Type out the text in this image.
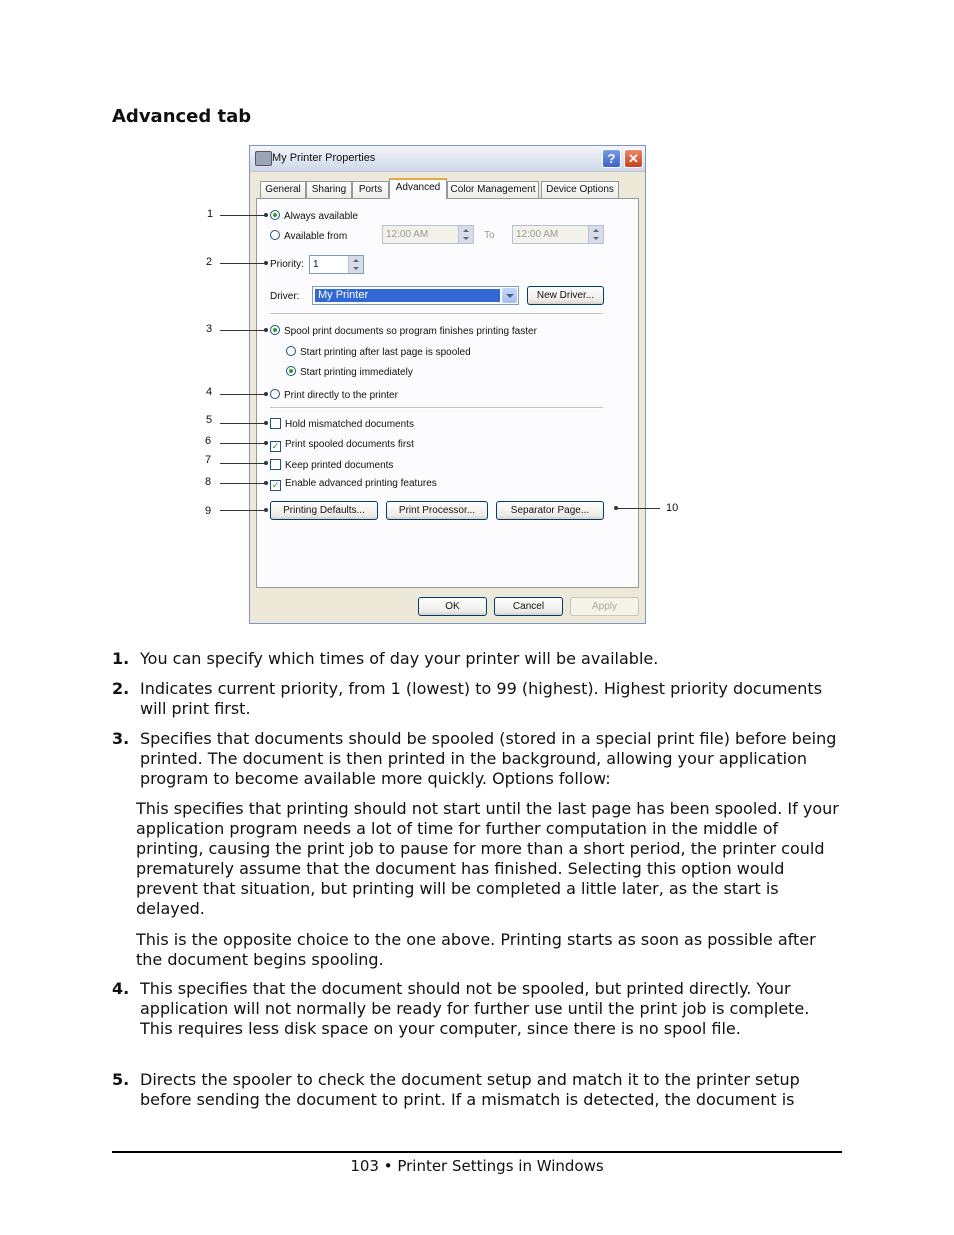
Advanced tab
My Printer Properties	? ✕
General	Sharing	Ports	Advanced	Color Management	Device Options
Always available
Available from	12:00 AM	To	12:00 AM
Priority: 1
Driver: My Printer	New Driver...
Spool print documents so program finishes printing faster
Start printing after last page is spooled
Start printing immediately
Print directly to the printer
Hold mismatched documents
✓ Print spooled documents first
Keep printed documents
✓ Enable advanced printing features
Printing Defaults...	Print Processor...	Separator Page...
OK	Cancel	Apply
1
2
3
4
5
6
7
8
9	10
1. You can specify which times of day your printer will be available.
2. Indicates current priority, from 1 (lowest) to 99 (highest). Highest priority documents will print first.
3. Specifies that documents should be spooled (stored in a special print file) before being printed. The document is then printed in the background, allowing your application program to become available more quickly. Options follow:
This specifies that printing should not start until the last page has been spooled. If your application program needs a lot of time for further computation in the middle of printing, causing the print job to pause for more than a short period, the printer could prematurely assume that the document has finished. Selecting this option would prevent that situation, but printing will be completed a little later, as the start is delayed.
This is the opposite choice to the one above. Printing starts as soon as possible after the document begins spooling.
4. This specifies that the document should not be spooled, but printed directly. Your application will not normally be ready for further use until the print job is complete. This requires less disk space on your computer, since there is no spool file.
5. Directs the spooler to check the document setup and match it to the printer setup before sending the document to print. If a mismatch is detected, the document is
103 • Printer Settings in Windows
